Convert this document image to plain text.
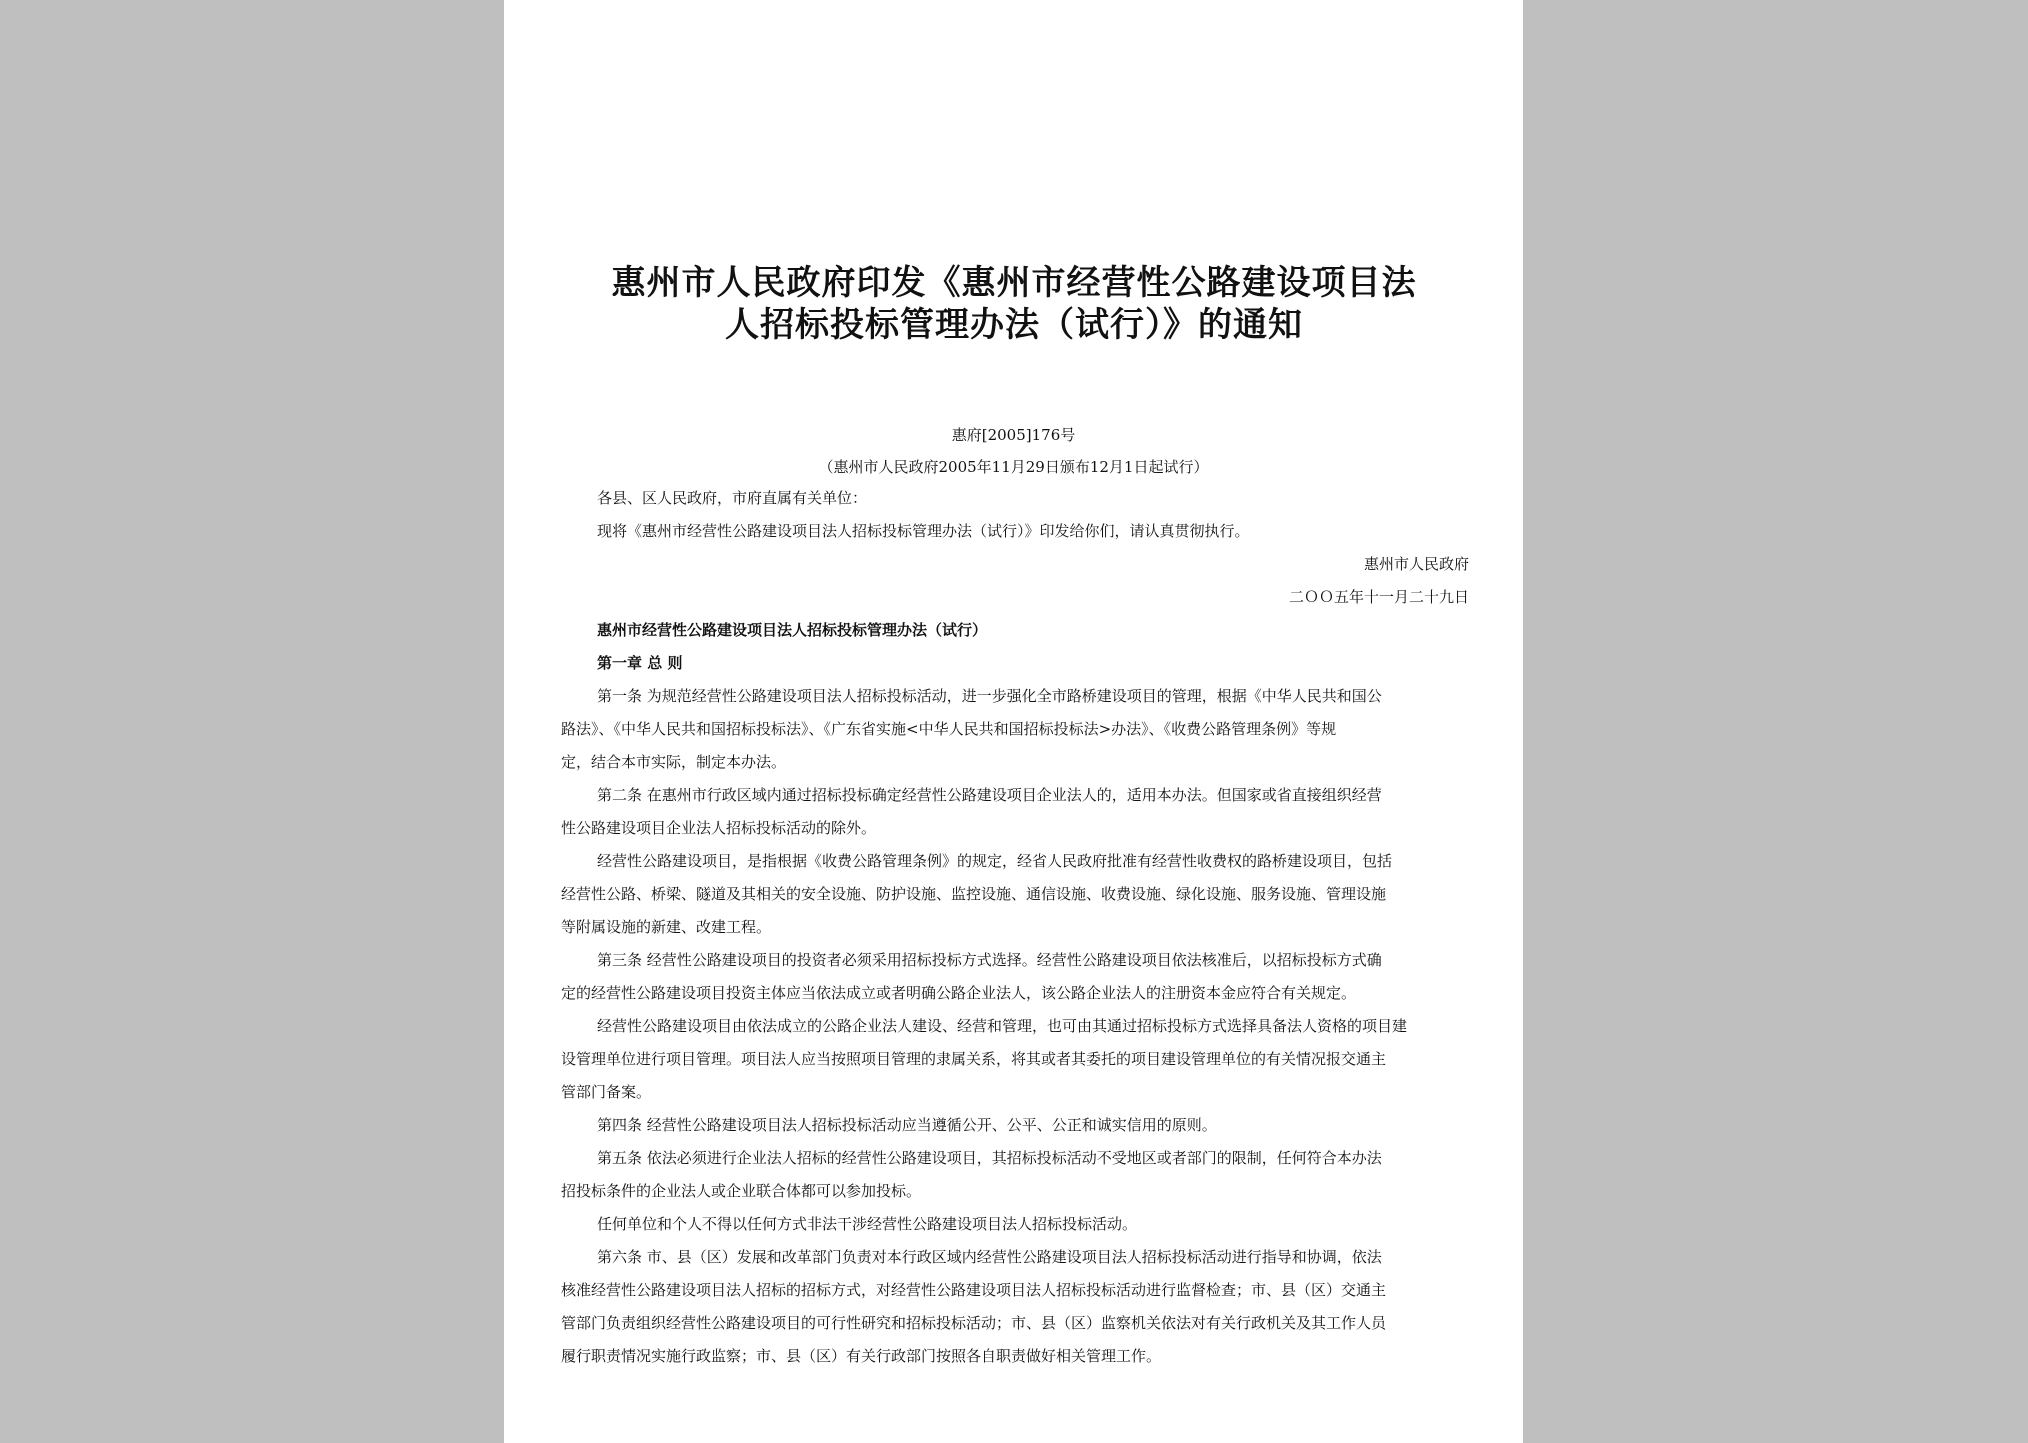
惠州市人民政府印发《惠州市经营性公路建设项目法
人招标投标管理办法（试行）》的通知
惠府[2005]176号
（惠州市人民政府2005年11月29日颁布12月1日起试行）
各县、区人民政府，市府直属有关单位：
现将《惠州市经营性公路建设项目法人招标投标管理办法（试行）》印发给你们，请认真贯彻执行。
惠州市人民政府
二ＯＯ五年十一月二十九日
惠州市经营性公路建设项目法人招标投标管理办法（试行）
第一章 总 则
第一条 为规范经营性公路建设项目法人招标投标活动，进一步强化全市路桥建设项目的管理，根据《中华人民共和国公
路法》、《中华人民共和国招标投标法》、《广东省实施<中华人民共和国招标投标法>办法》、《收费公路管理条例》等规
定，结合本市实际，制定本办法。
第二条 在惠州市行政区域内通过招标投标确定经营性公路建设项目企业法人的，适用本办法。但国家或省直接组织经营
性公路建设项目企业法人招标投标活动的除外。
经营性公路建设项目，是指根据《收费公路管理条例》的规定，经省人民政府批准有经营性收费权的路桥建设项目，包括
经营性公路、桥梁、隧道及其相关的安全设施、防护设施、监控设施、通信设施、收费设施、绿化设施、服务设施、管理设施
等附属设施的新建、改建工程。
第三条 经营性公路建设项目的投资者必须采用招标投标方式选择。经营性公路建设项目依法核准后，以招标投标方式确
定的经营性公路建设项目投资主体应当依法成立或者明确公路企业法人，该公路企业法人的注册资本金应符合有关规定。
经营性公路建设项目由依法成立的公路企业法人建设、经营和管理，也可由其通过招标投标方式选择具备法人资格的项目建
设管理单位进行项目管理。项目法人应当按照项目管理的隶属关系，将其或者其委托的项目建设管理单位的有关情况报交通主
管部门备案。
第四条 经营性公路建设项目法人招标投标活动应当遵循公开、公平、公正和诚实信用的原则。
第五条 依法必须进行企业法人招标的经营性公路建设项目，其招标投标活动不受地区或者部门的限制，任何符合本办法
招投标条件的企业法人或企业联合体都可以参加投标。
任何单位和个人不得以任何方式非法干涉经营性公路建设项目法人招标投标活动。
第六条 市、县（区）发展和改革部门负责对本行政区域内经营性公路建设项目法人招标投标活动进行指导和协调，依法
核准经营性公路建设项目法人招标的招标方式，对经营性公路建设项目法人招标投标活动进行监督检查；市、县（区）交通主
管部门负责组织经营性公路建设项目的可行性研究和招标投标活动；市、县（区）监察机关依法对有关行政机关及其工作人员
履行职责情况实施行政监察；市、县（区）有关行政部门按照各自职责做好相关管理工作。
